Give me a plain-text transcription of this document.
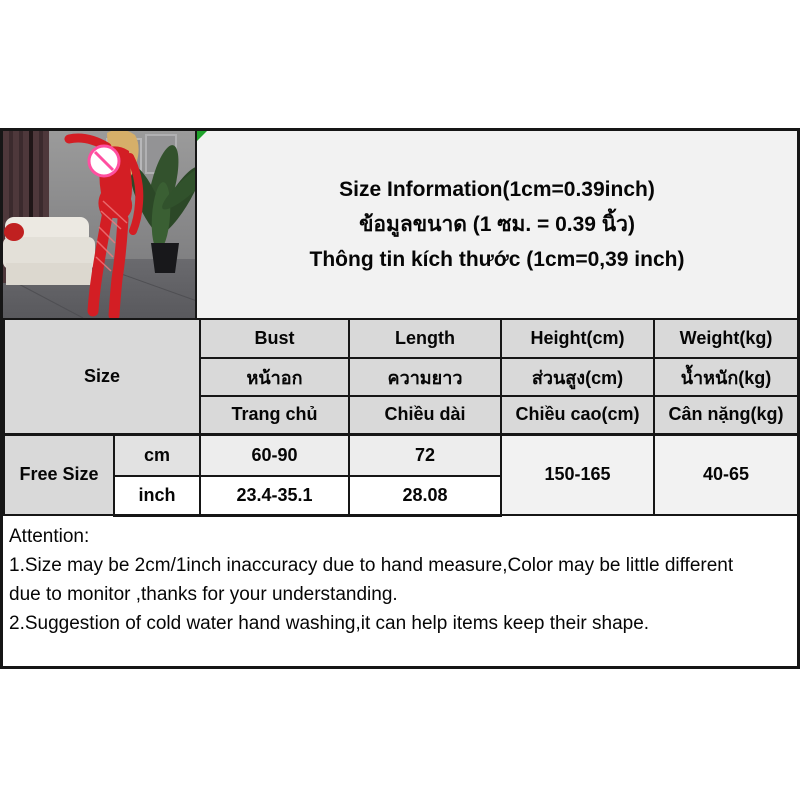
Size Information(1cm=0.39inch)
ข้อมูลขนาด (1 ซม. = 0.39 นิ้ว)
Thông tin kích thước (1cm=0,39 inch)
Size		Bust	Length	Height(cm)	Weight(kg)
		หน้าอก	ความยาว	ส่วนสูง(cm)	น้ำหนัก(kg)
		Trang chủ	Chiều dài	Chiều cao(cm)	Cân nặng(kg)
Free Size	cm	60-90	72	150-165	40-65
	inch	23.4-35.1	28.08		
Attention:
1.Size may be 2cm/1inch inaccuracy due to hand measure,Color may be little different
due to monitor ,thanks for your understanding.
2.Suggestion of cold water hand washing,it can help items keep their shape.
